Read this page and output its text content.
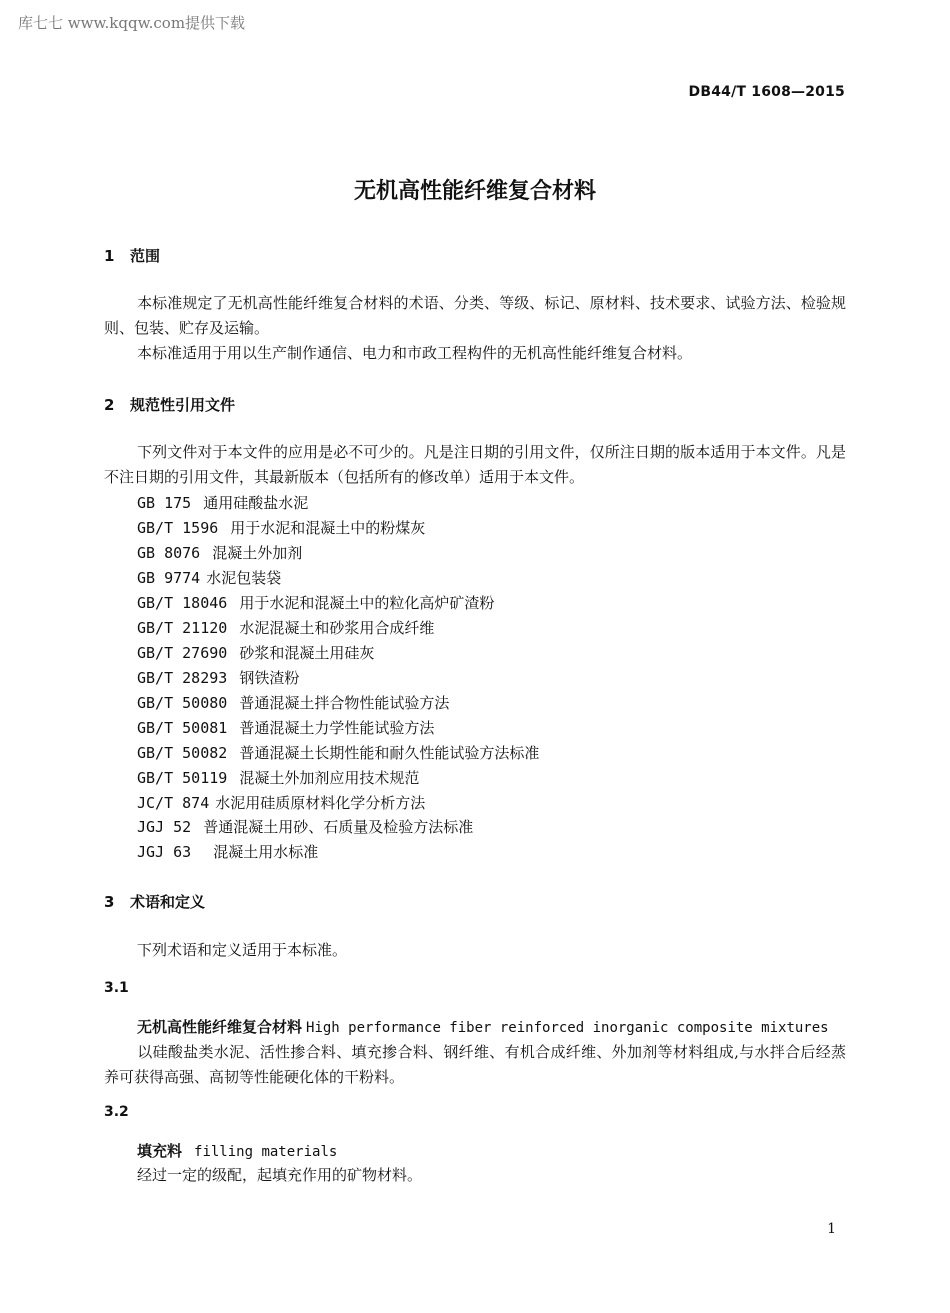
库七七 www.kqqw.com提供下载
DB44/T 1608—2015
无机高性能纤维复合材料
1 范围
本标准规定了无机高性能纤维复合材料的术语、分类、等级、标记、原材料、技术要求、试验方法、检验规则、包装、贮存及运输。
本标准适用于用以生产制作通信、电力和市政工程构件的无机高性能纤维复合材料。
2 规范性引用文件
下列文件对于本文件的应用是必不可少的。凡是注日期的引用文件，仅所注日期的版本适用于本文件。凡是不注日期的引用文件，其最新版本（包括所有的修改单）适用于本文件。
GB 175 通用硅酸盐水泥
GB/T 1596 用于水泥和混凝土中的粉煤灰
GB 8076 混凝土外加剂
GB 9774 水泥包装袋
GB/T 18046 用于水泥和混凝土中的粒化高炉矿渣粉
GB/T 21120 水泥混凝土和砂浆用合成纤维
GB/T 27690 砂浆和混凝土用硅灰
GB/T 28293 钢铁渣粉
GB/T 50080 普通混凝土拌合物性能试验方法
GB/T 50081 普通混凝土力学性能试验方法
GB/T 50082 普通混凝土长期性能和耐久性能试验方法标准
GB/T 50119 混凝土外加剂应用技术规范
JC/T 874 水泥用硅质原材料化学分析方法
JGJ 52 普通混凝土用砂、石质量及检验方法标准
JGJ 63 混凝土用水标准
3 术语和定义
下列术语和定义适用于本标准。
3.1
无机高性能纤维复合材料 High performance fiber reinforced inorganic composite mixtures
以硅酸盐类水泥、活性掺合料、填充掺合料、钢纤维、有机合成纤维、外加剂等材料组成,与水拌合后经蒸养可获得高强、高韧等性能硬化体的干粉料。
3.2
填充料 filling materials
经过一定的级配，起填充作用的矿物材料。
1
